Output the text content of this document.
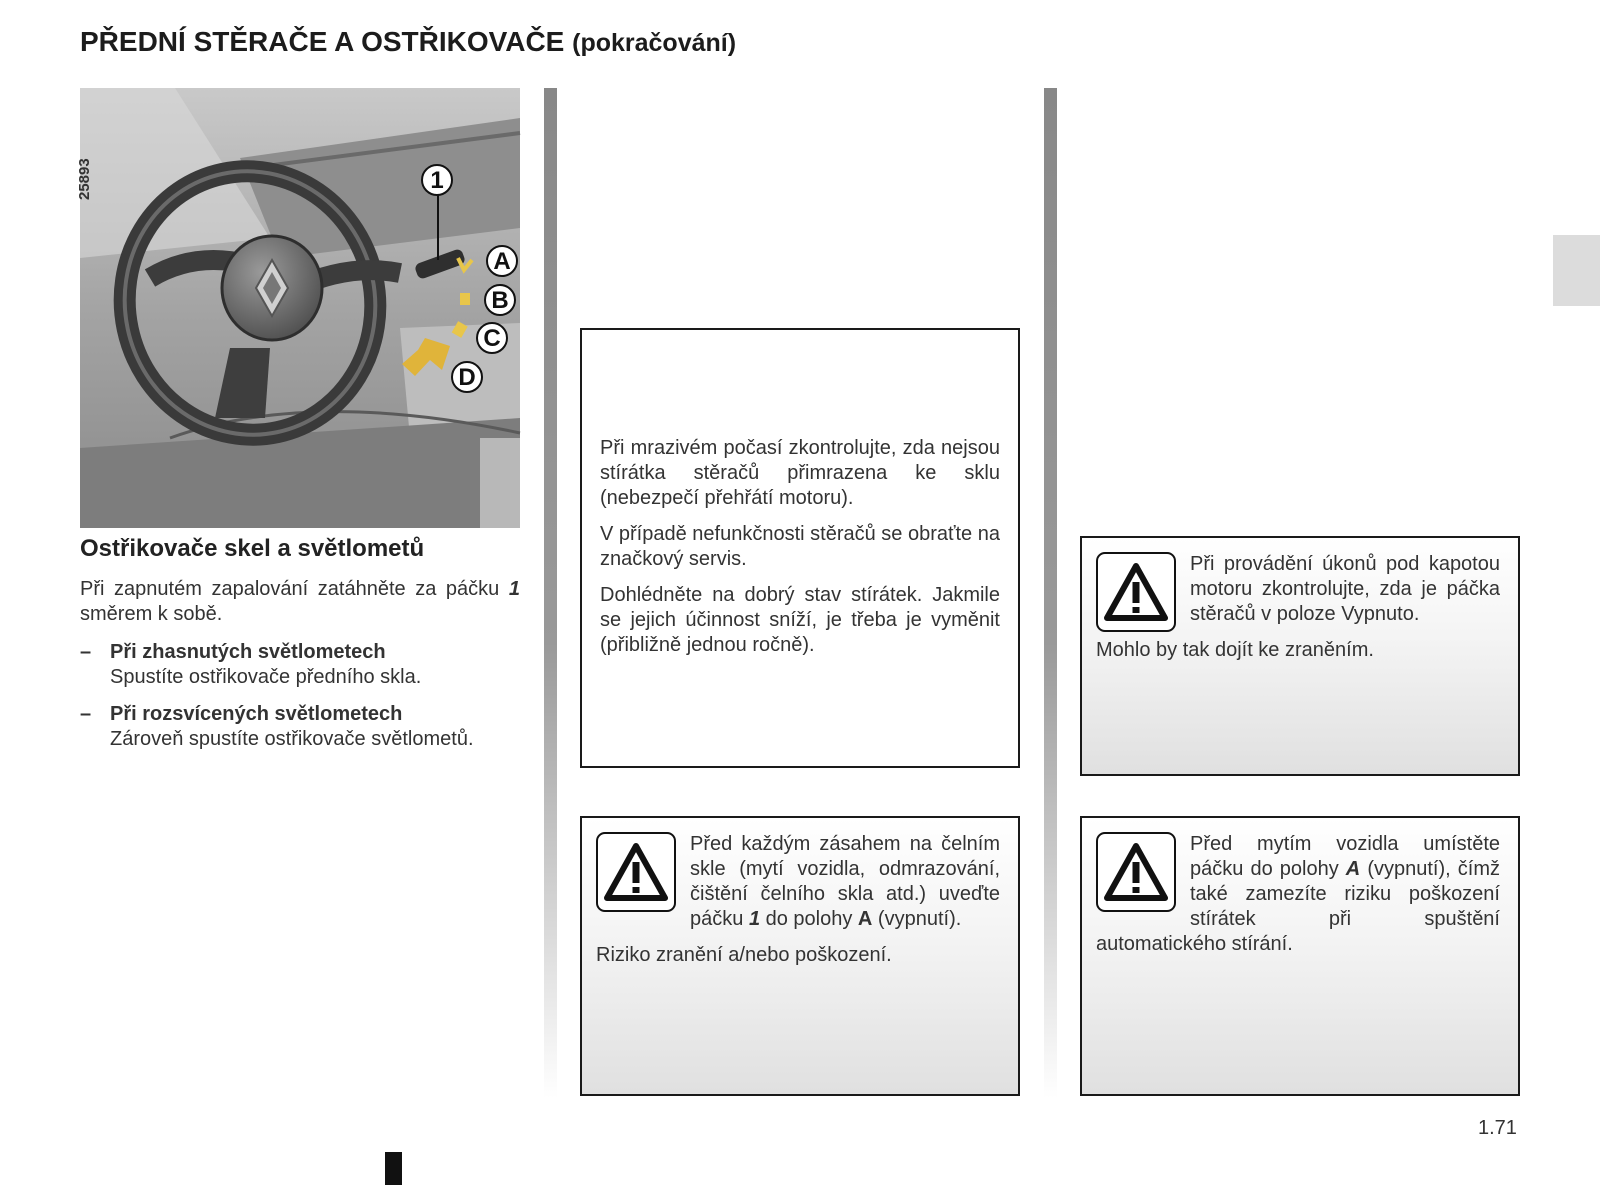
PŘEDNÍ STĚRAČE A OSTŘIKOVAČE (pokračování)
25893	1
A
B
C
D
Ostřikovače skel a světlometů
Při zapnutém zapalování zatáhněte za páčku 1 směrem k sobě.
– Při zhasnutých světlometech
Spustíte ostřikovače předního skla.
– Při rozsvícených světlometech
Zároveň spustíte ostřikovače světlometů.

Při mrazivém počasí zkontrolujte, zda nejsou stírátka stěračů přimrazena ke sklu (nebezpečí přehřátí motoru).

V případě nefunkčnosti stěračů se obraťte na značkový servis.

Dohlédněte na dobrý stav stírátek. Jakmile se jejich účinnost sníží, je třeba je vyměnit (přibližně jednou ročně).

Před každým zásahem na čelním skle (mytí vozidla, odmrazování, čištění čelního skla atd.) uveďte páčku 1 do polohy A (vypnutí).

Riziko zranění a/nebo poškození.

Při provádění úkonů pod kapotou motoru zkontrolujte, zda je páčka stěračů v poloze Vypnuto.

Mohlo by tak dojít ke zraněním.

Před mytím vozidla umístěte páčku do polohy A (vypnutí), čímž také zamezíte riziku poškození stírátek při spuštění automatického stírání.

1.71
